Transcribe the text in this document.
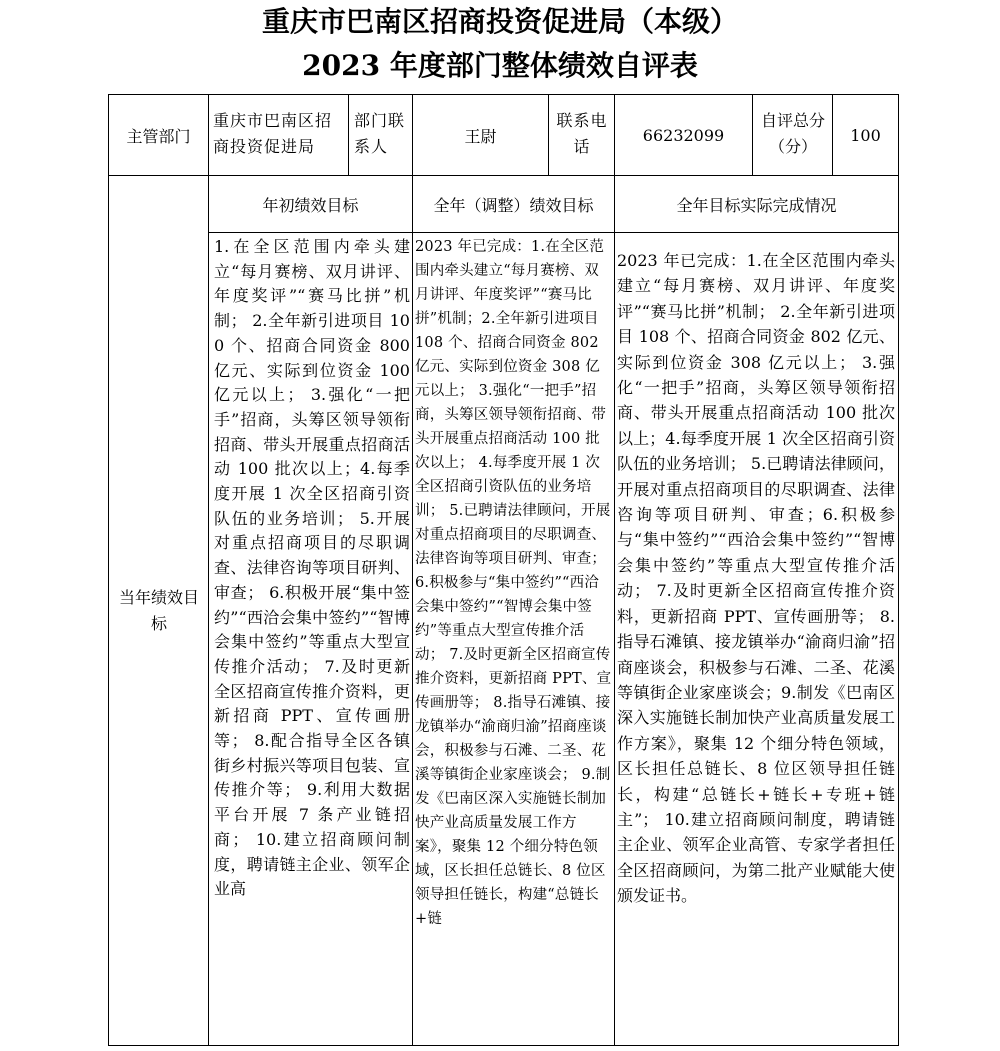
重庆市巴南区招商投资促进局（本级）
2023 年度部门整体绩效自评表
主管部门
重庆市巴南区招商投资促进局
部门联系人
王尉
联系电话
66232099
自评总分（分）
100
当年绩效目标
年初绩效目标	全年（调整）绩效目标	全年目标实际完成情况
1.在全区范围内牵头建立“每月赛榜、双月讲评、年度奖评”“赛马比拼”机制； 2.全年新引进项目 100 个、招商合同资金 800 亿元、实际到位资金 100 亿元以上； 3.强化“一把手”招商，头筹区领导领衔招商、带头开展重点招商活动 100 批次以上；4.每季度开展 1 次全区招商引资队伍的业务培训； 5.开展对重点招商项目的尽职调查、法律咨询等项目研判、审查； 6.积极开展“集中签约”“西洽会集中签约”“智博会集中签约”等重点大型宣传推介活动； 7.及时更新全区招商宣传推介资料，更新招商 PPT、宣传画册等； 8.配合指导全区各镇街乡村振兴等项目包装、宣传推介等； 9.利用大数据平台开展 7 条产业链招商； 10.建立招商顾问制度，聘请链主企业、领军企业高
2023 年已完成：1.在全区范围内牵头建立“每月赛榜、双月讲评、年度奖评”“赛马比拼”机制；2.全年新引进项目 108 个、招商合同资金 802 亿元、实际到位资金 308 亿元以上； 3.强化“一把手”招商，头筹区领导领衔招商、带头开展重点招商活动 100 批次以上； 4.每季度开展 1 次全区招商引资队伍的业务培训； 5.已聘请法律顾问，开展对重点招商项目的尽职调查、法律咨询等项目研判、审查； 6.积极参与“集中签约”“西洽会集中签约”“智博会集中签约”等重点大型宣传推介活动； 7.及时更新全区招商宣传推介资料，更新招商 PPT、宣传画册等； 8.指导石滩镇、接龙镇举办“渝商归渝”招商座谈会，积极参与石滩、二圣、花溪等镇街企业家座谈会； 9.制发《巴南区深入实施链长制加快产业高质量发展工作方案》，聚集 12 个细分特色领域，区长担任总链长、8 位区领导担任链长，构建“总链长+链
2023 年已完成：1.在全区范围内牵头建立“每月赛榜、双月讲评、年度奖评”“赛马比拼”机制； 2.全年新引进项目 108 个、招商合同资金 802 亿元、实际到位资金 308 亿元以上； 3.强化“一把手”招商，头筹区领导领衔招商、带头开展重点招商活动 100 批次以上；4.每季度开展 1 次全区招商引资队伍的业务培训； 5.已聘请法律顾问，开展对重点招商项目的尽职调查、法律咨询等项目研判、审查；6.积极参与“集中签约”“西洽会集中签约”“智博会集中签约”等重点大型宣传推介活动； 7.及时更新全区招商宣传推介资料，更新招商 PPT、宣传画册等； 8.指导石滩镇、接龙镇举办“渝商归渝”招商座谈会，积极参与石滩、二圣、花溪等镇街企业家座谈会；9.制发《巴南区深入实施链长制加快产业高质量发展工作方案》，聚集 12 个细分特色领域，区长担任总链长、8 位区领导担任链长，构建“总链长+链长+专班+链主”； 10.建立招商顾问制度，聘请链主企业、领军企业高管、专家学者担任全区招商顾问，为第二批产业赋能大使颁发证书。
